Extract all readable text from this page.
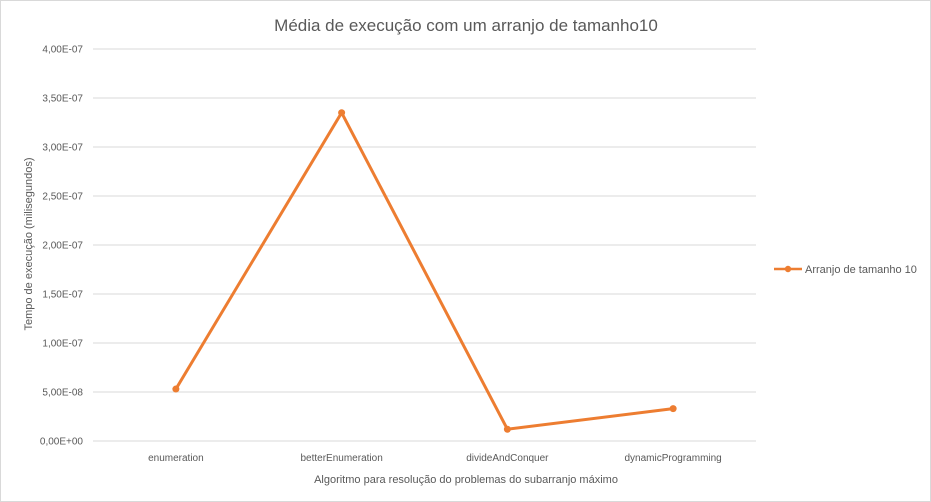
Média de execução com um arranjo de tamanho10
0,00E+00
5,00E-08
1,00E-07
1,50E-07
2,00E-07
2,50E-07
3,00E-07
3,50E-07
4,00E-07
enumeration	betterEnumeration	divideAndConquer	dynamicProgramming
Algoritmo para resolução do problemas do subarranjo máximo
Tempo de execução (milisegundos)	Arranjo de tamanho 10
